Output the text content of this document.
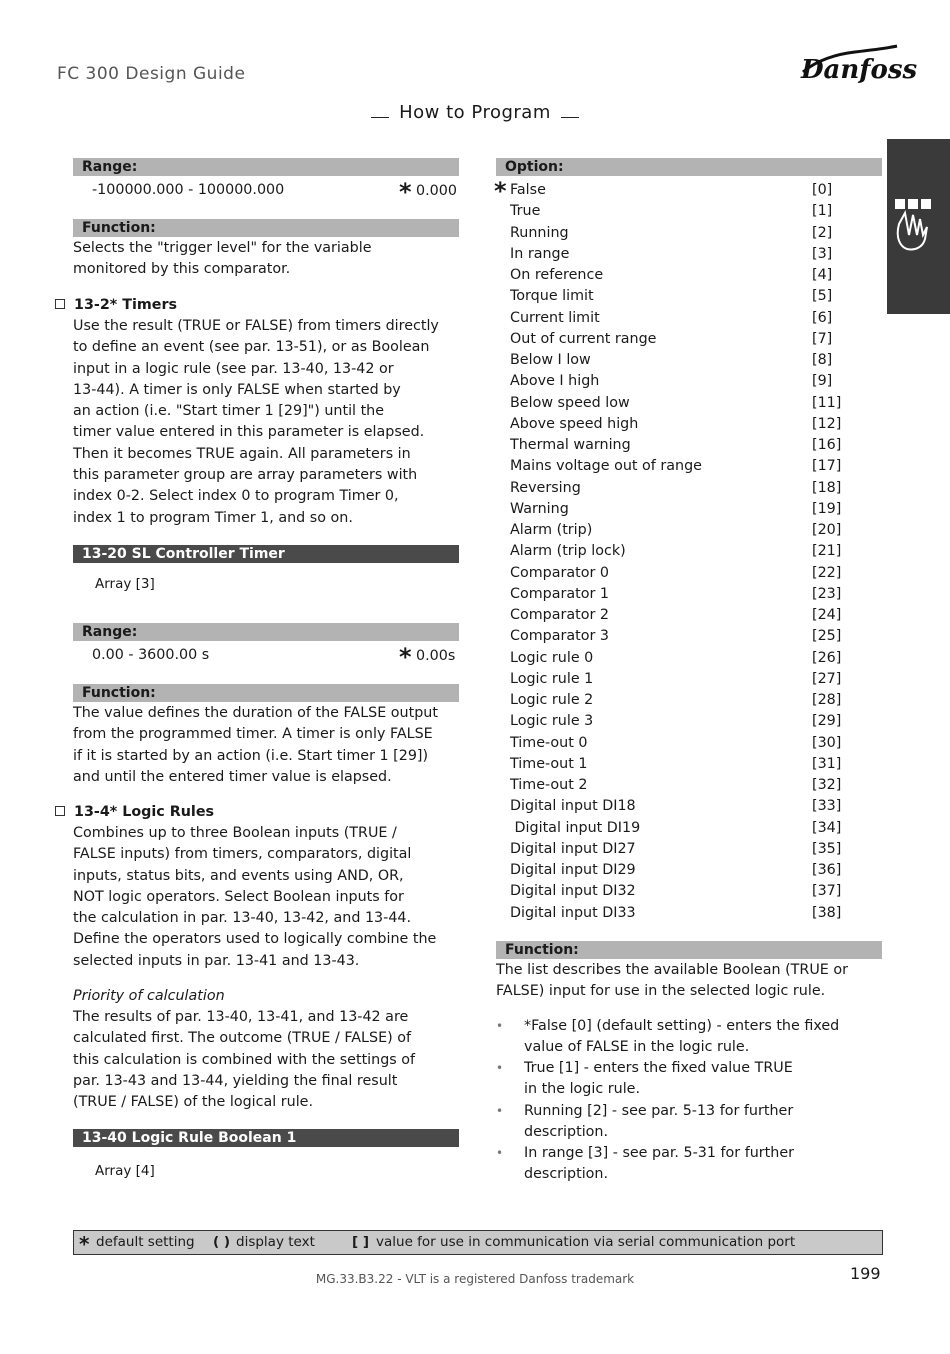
FC 300 Design Guide	Danfoss
How to Program
Range:
-100000.000 - 100000.000	* 0.000
Function:
Selects the "trigger level" for the variable
monitored by this comparator.
13-2* Timers
Use the result (TRUE or FALSE) from timers directly
to define an event (see par. 13-51), or as Boolean
input in a logic rule (see par. 13-40, 13-42 or
13-44). A timer is only FALSE when started by
an action (i.e. "Start timer 1 [29]") until the
timer value entered in this parameter is elapsed.
Then it becomes TRUE again. All parameters in
this parameter group are array parameters with
index 0-2. Select index 0 to program Timer 0,
index 1 to program Timer 1, and so on.
13-20 SL Controller Timer
Array [3]
Range:
0.00 - 3600.00 s	* 0.00s
Function:
The value defines the duration of the FALSE output
from the programmed timer. A timer is only FALSE
if it is started by an action (i.e. Start timer 1 [29])
and until the entered timer value is elapsed.
13-4* Logic Rules
Combines up to three Boolean inputs (TRUE /
FALSE inputs) from timers, comparators, digital
inputs, status bits, and events using AND, OR,
NOT logic operators. Select Boolean inputs for
the calculation in par. 13-40, 13-42, and 13-44.
Define the operators used to logically combine the
selected inputs in par. 13-41 and 13-43.
Priority of calculation
The results of par. 13-40, 13-41, and 13-42 are
calculated first. The outcome (TRUE / FALSE) of
this calculation is combined with the settings of
par. 13-43 and 13-44, yielding the final result
(TRUE / FALSE) of the logical rule.
13-40 Logic Rule Boolean 1
Array [4]
Option:
* False	[0]
True	[1]
Running	[2]
In range	[3]
On reference	[4]
Torque limit	[5]
Current limit	[6]
Out of current range	[7]
Below I low	[8]
Above I high	[9]
Below speed low	[11]
Above speed high	[12]
Thermal warning	[16]
Mains voltage out of range	[17]
Reversing	[18]
Warning	[19]
Alarm (trip)	[20]
Alarm (trip lock)	[21]
Comparator 0	[22]
Comparator 1	[23]
Comparator 2	[24]
Comparator 3	[25]
Logic rule 0	[26]
Logic rule 1	[27]
Logic rule 2	[28]
Logic rule 3	[29]
Time-out 0	[30]
Time-out 1	[31]
Time-out 2	[32]
Digital input DI18	[33]
Digital input DI19	[34]
Digital input DI27	[35]
Digital input DI29	[36]
Digital input DI32	[37]
Digital input DI33	[38]
Function:
The list describes the available Boolean (TRUE or
FALSE) input for use in the selected logic rule.
• *False [0] (default setting) - enters the fixed
value of FALSE in the logic rule.
• True [1] - enters the fixed value TRUE
in the logic rule.
• Running [2] - see par. 5-13 for further
description.
• In range [3] - see par. 5-31 for further
description.
* default setting ( ) display text	[ ] value for use in communication via serial communication port
MG.33.B3.22 - VLT is a registered Danfoss trademark	199
